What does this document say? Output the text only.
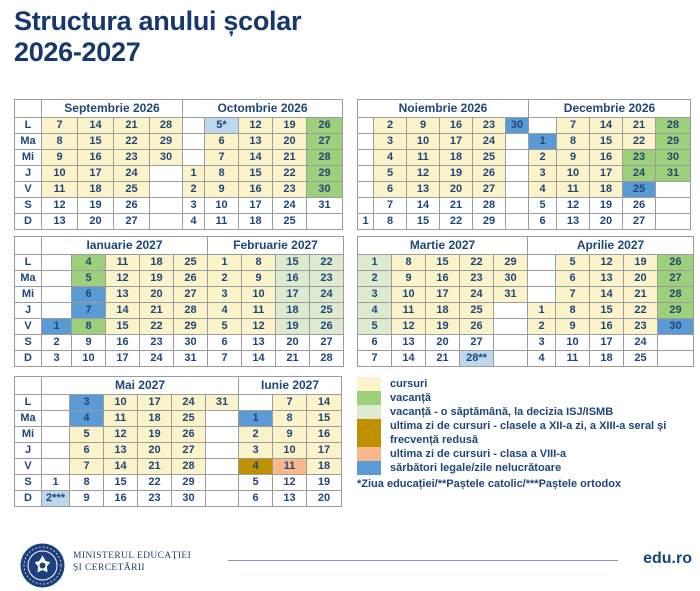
Structura anului școlar
2026-2027
	Septembrie 2026				Octombrie 2026				
L	7	14	21	28		5*	12	19	26
Ma	8	15	22	29		6	13	20	27
Mi	9	16	23	30		7	14	21	28
J	10	17	24		1	8	15	22	29
V	11	18	25		2	9	16	23	30
S	12	19	26		3	10	17	24	31
D	13	20	27		4	11	18	25	
Noiembrie 2026						Decembrie 2026				
	2	9	16	23	30		7	14	21	28
	3	10	17	24		1	8	15	22	29
	4	11	18	25		2	9	16	23	30
	5	12	19	26		3	10	17	24	31
	6	13	20	27		4	11	18	25	
	7	14	21	28		5	12	19	26	
1	8	15	22	29		6	13	20	27	
	Ianuarie 2027					Februarie 2027			
L		4	11	18	25	1	8	15	22
Ma		5	12	19	26	2	9	16	23
Mi		6	13	20	27	3	10	17	24
J		7	14	21	28	4	11	18	25
V	1	8	15	22	29	5	12	19	26
S	2	9	16	23	30	6	13	20	27
D	3	10	17	24	31	7	14	21	28
Martie 2027					Aprilie 2027				
1	8	15	22	29		5	12	19	26
2	9	16	23	30		6	13	20	27
3	10	17	24	31		7	14	21	28
4	11	18	25		1	8	15	22	29
5	12	19	26		2	9	16	23	30
6	13	20	27		3	10	17	24	
7	14	21	28**		4	11	18	25	
	Mai 2027						Iunie 2027		
L		3	10	17	24	31		7	14
Ma		4	11	18	25		1	8	15
Mi		5	12	19	26		2	9	16
J		6	13	20	27		3	10	17
V		7	14	21	28		4	11	18
S	1	8	15	22	29		5	12	19
D	2***	9	16	23	30		6	13	20
cursuri
vacanță
vacanță - o săptămână, la decizia ISJ/ISMB
ultima zi de cursuri - clasele a XII-a zi, a XIII-a seral și frecvență redusă
ultima zi de cursuri - clasa a VIII-a
sărbători legale/zile nelucrătoare
*Ziua educației/**Paștele catolic/***Paștele ortodox
MINISTERUL EDUCAȚIEI
ȘI CERCETĂRII
edu.ro
